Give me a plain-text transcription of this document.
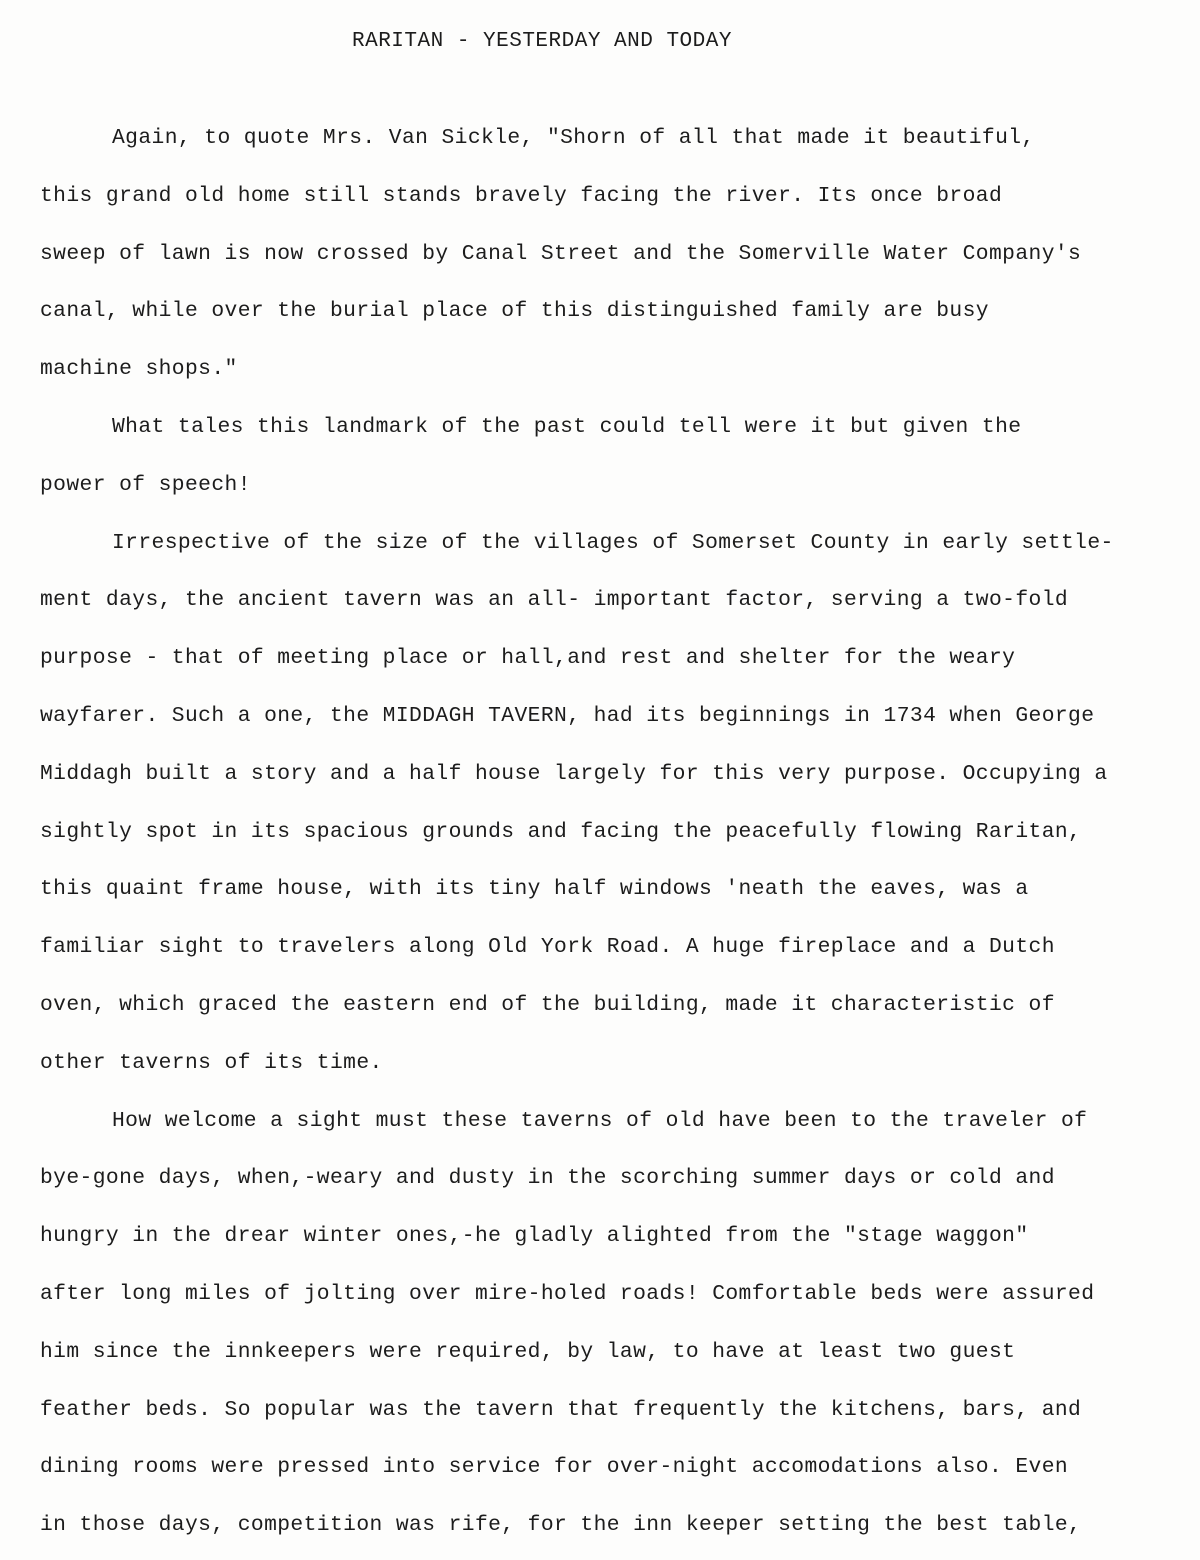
RARITAN - YESTERDAY AND TODAY
Again, to quote Mrs. Van Sickle, "Shorn of all that made it beautiful,
this grand old home still stands bravely facing the river. Its once broad
sweep of lawn is now crossed by Canal Street and the Somerville Water Company's
canal, while over the burial place of this distinguished family are busy
machine shops."
What tales this landmark of the past could tell were it but given the
power of speech!
Irrespective of the size of the villages of Somerset County in early settle-
ment days, the ancient tavern was an all- important factor, serving a two-fold
purpose - that of meeting place or hall,and rest and shelter for the weary
wayfarer. Such a one, the MIDDAGH TAVERN, had its beginnings in 1734 when George
Middagh built a story and a half house largely for this very purpose. Occupying a
sightly spot in its spacious grounds and facing the peacefully flowing Raritan,
this quaint frame house, with its tiny half windows 'neath the eaves, was a
familiar sight to travelers along Old York Road. A huge fireplace and a Dutch
oven, which graced the eastern end of the building, made it characteristic of
other taverns of its time.
How welcome a sight must these taverns of old have been to the traveler of
bye-gone days, when,-weary and dusty in the scorching summer days or cold and
hungry in the drear winter ones,-he gladly alighted from the "stage waggon"
after long miles of jolting over mire-holed roads! Comfortable beds were assured
him since the innkeepers were required, by law, to have at least two guest
feather beds. So popular was the tavern that frequently the kitchens, bars, and
dining rooms were pressed into service for over-night accomodations also. Even
in those days, competition was rife, for the inn keeper setting the best table,
